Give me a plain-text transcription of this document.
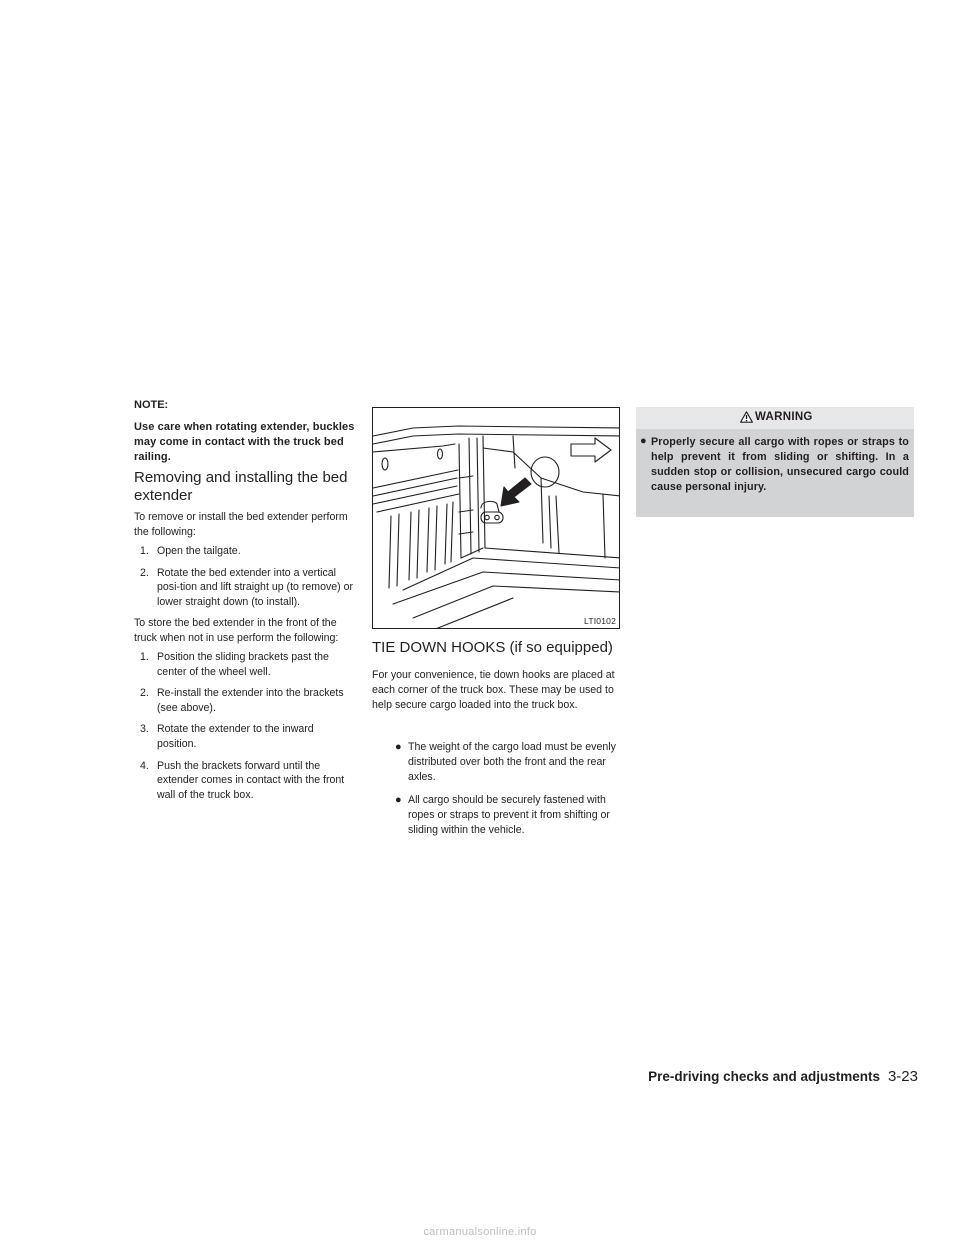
NOTE:
Use care when rotating extender, buckles may come in contact with the truck bed railing.
Removing and installing the bed extender

To remove or install the bed extender perform the following:

1. Open the tailgate.
2. Rotate the bed extender into a vertical posi-tion and lift straight up (to remove) or lower straight down (to install).

To store the bed extender in the front of the truck when not in use perform the following:

1. Position the sliding brackets past the center of the wheel well.
2. Re-install the extender into the brackets (see above).
3. Rotate the extender to the inward position.
4. Push the brackets forward until the extender comes in contact with the front wall of the truck box.
LTI0102
TIE DOWN HOOKS (if so equipped)

For your convenience, tie down hooks are placed at each corner of the truck box. These may be used to help secure cargo loaded into the truck box.

● The weight of the cargo load must be evenly distributed over both the front and the rear axles.
● All cargo should be securely fastened with ropes or straps to prevent it from shifting or sliding within the vehicle.
WARNING
● Properly secure all cargo with ropes or straps to help prevent it from sliding or shifting. In a sudden stop or collision, unsecured cargo could cause personal injury.
Pre-driving checks and adjustments 3-23
carmanualsonline.info
